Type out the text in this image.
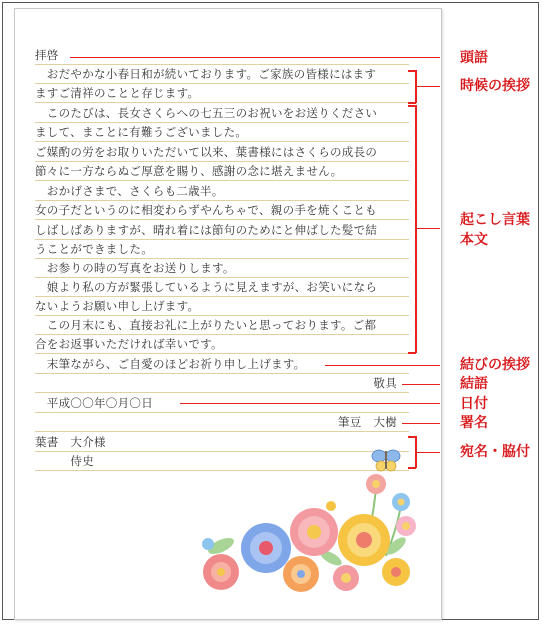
拝啓
　おだやかな小春日和が続いております。ご家族の皆様にはます
ますご清祥のことと存じます。
　このたびは、長女さくらへの七五三のお祝いをお送りください
まして、まことに有難うございました。
ご媒酌の労をお取りいただいて以来、葉書様にはさくらの成長の
節々に一方ならぬご厚意を賜り、感謝の念に堪えません。
　おかげさまで、さくらも二歳半。
女の子だというのに相変わらずやんちゃで、親の手を焼くことも
しばしばありますが、晴れ着には節句のためにと伸ばした髪で結
うことができました。
　お参りの時の写真をお送りします。
　娘より私の方が緊張しているように見えますが、お笑いになら
ないようお願い申し上げます。
　この月末にも、直接お礼に上がりたいと思っております。ご都
合をお返事いただければ幸いです。
　末筆ながら、ご自愛のほどお祈り申し上げます。
敬具
　平成〇〇年〇月〇日
筆豆　大樹
葉書　大介様
　　　侍史
頭語
時候の挨拶
起こし言葉
本文
結びの挨拶
結語
日付
署名
宛名・脇付
